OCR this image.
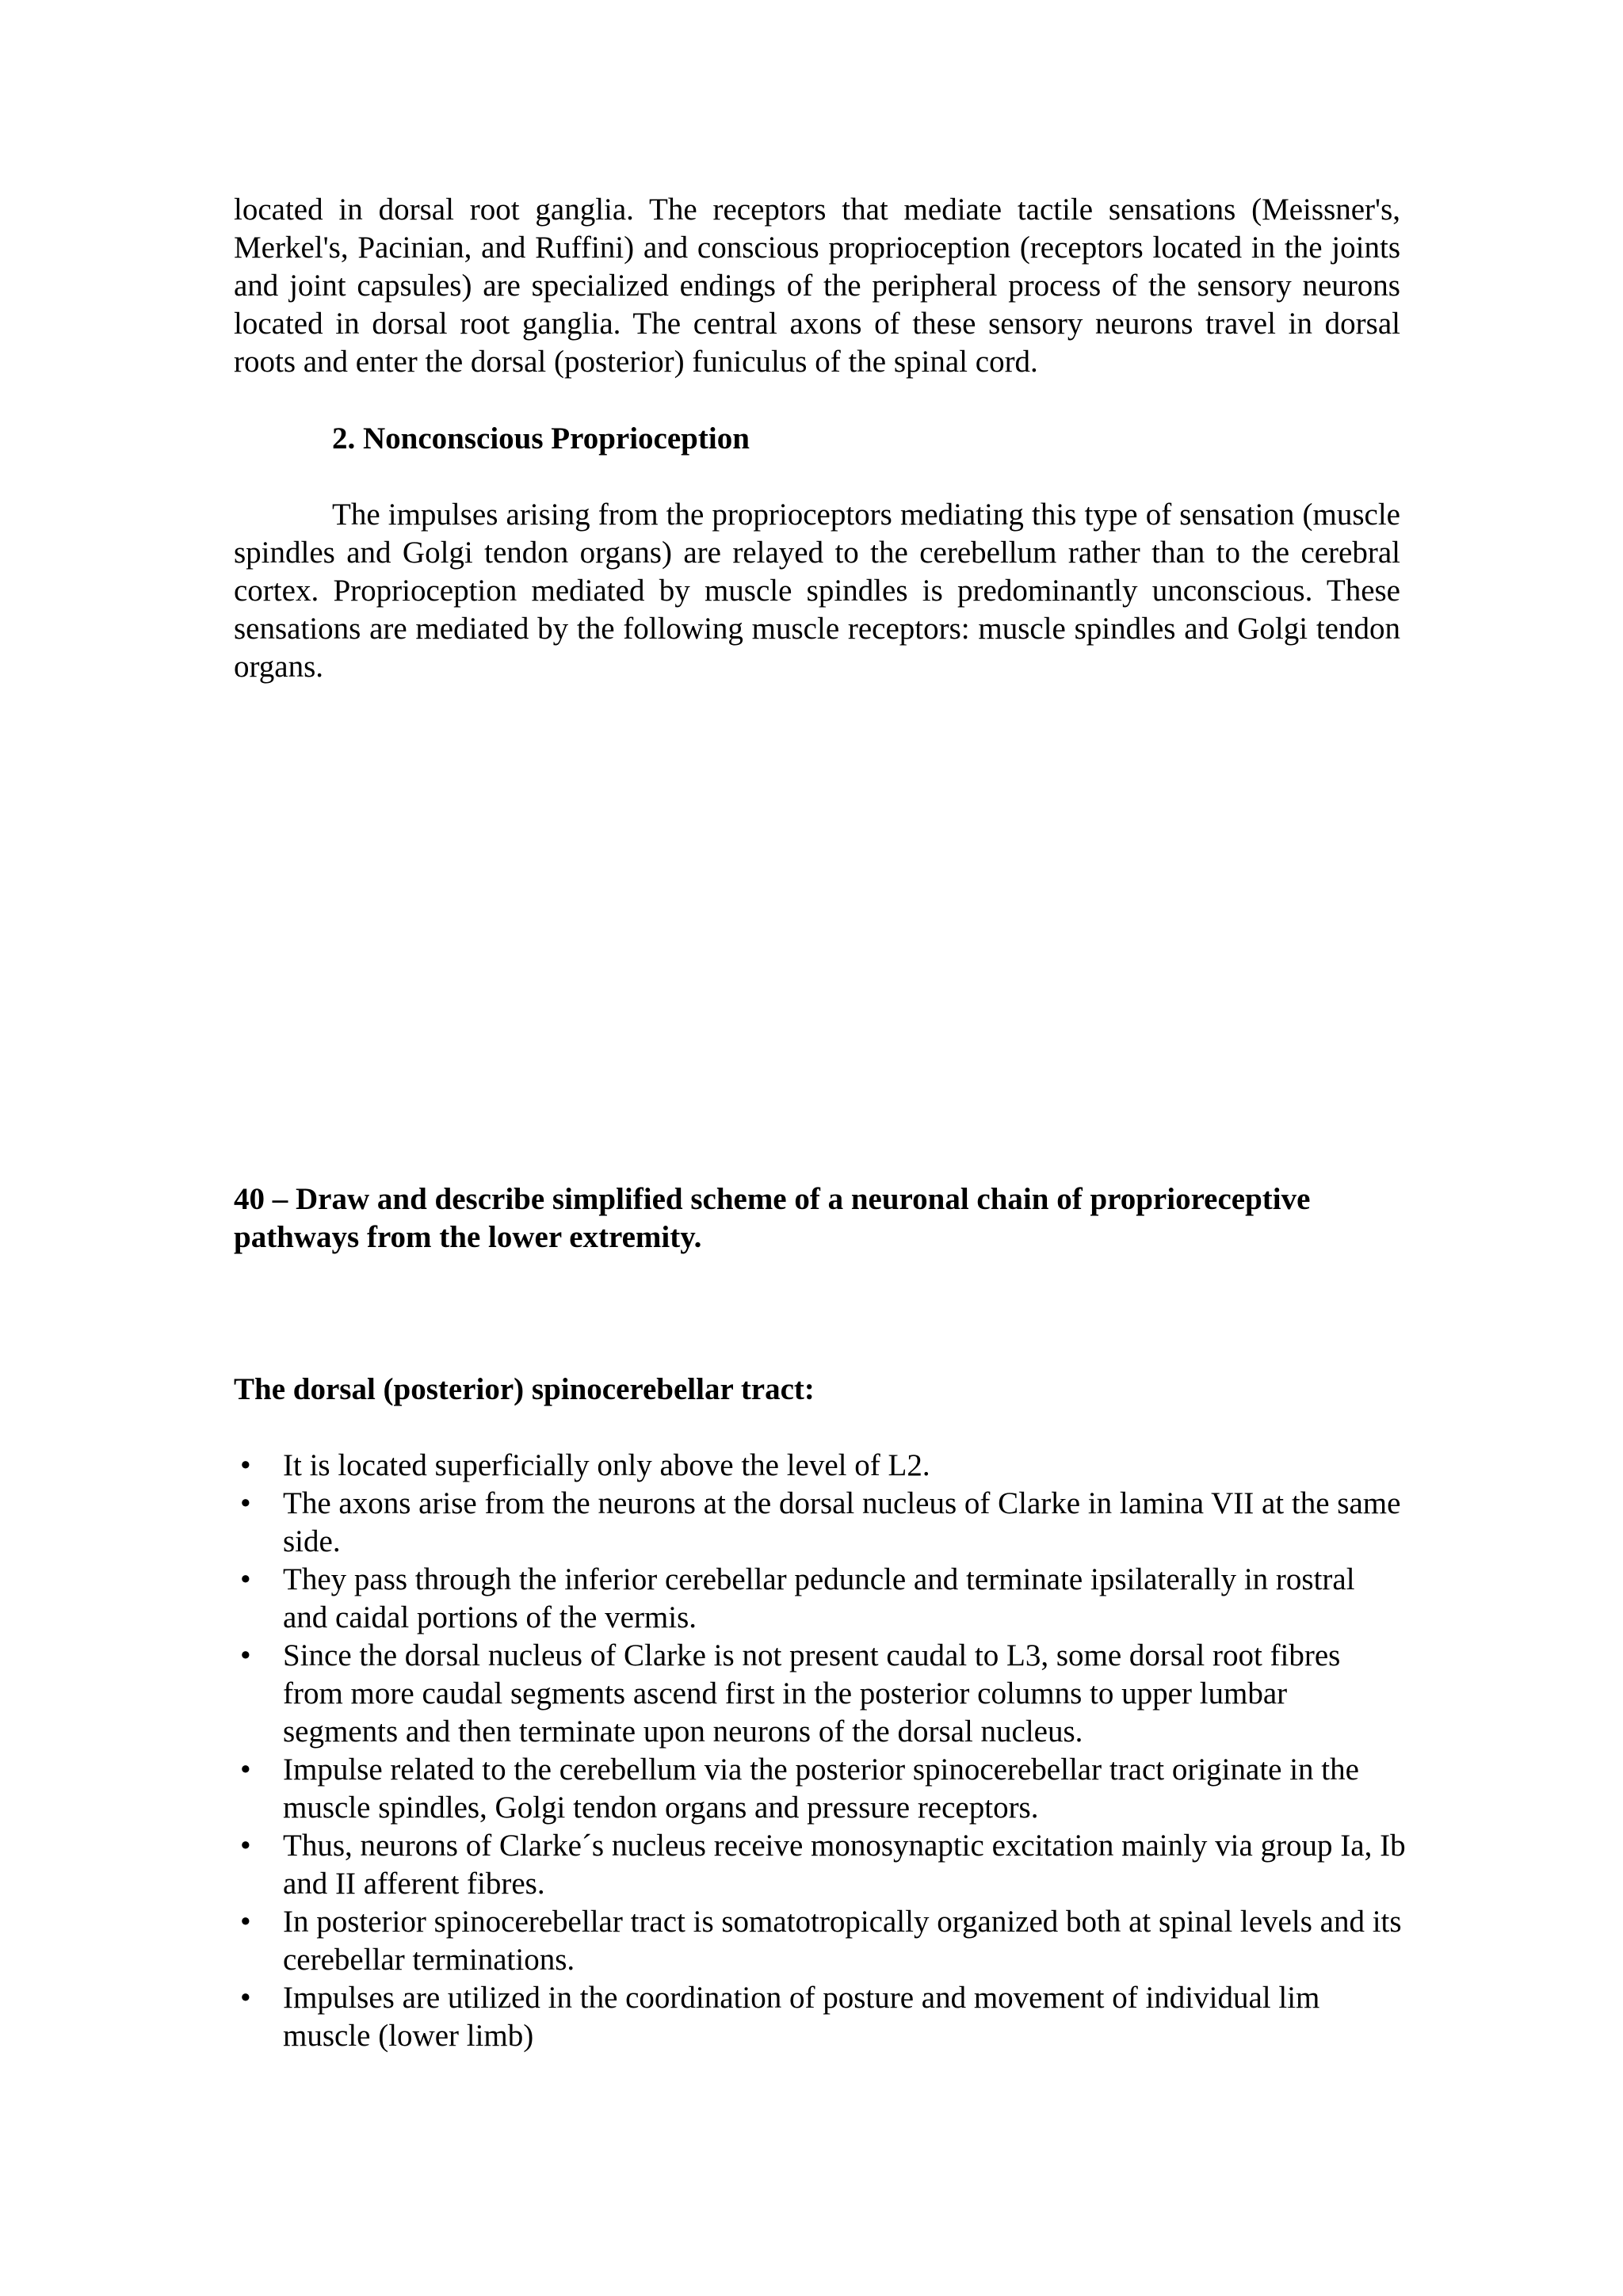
located in dorsal root ganglia. The receptors that mediate tactile sensations (Meissner's, Merkel's, Pacinian, and Ruffini) and conscious proprioception (receptors located in the joints and joint capsules) are specialized endings of the peripheral process of the sensory neurons located in dorsal root ganglia. The central axons of these sensory neurons travel in dorsal roots and enter the dorsal (posterior) funiculus of the spinal cord.

2. Nonconscious Proprioception

The impulses arising from the proprioceptors mediating this type of sensation (muscle spindles and Golgi tendon organs) are relayed to the cerebellum rather than to the cerebral cortex. Proprioception mediated by muscle spindles is predominantly unconscious. These sensations are mediated by the following muscle receptors: muscle spindles and Golgi tendon organs.

40 – Draw and describe simplified scheme of a neuronal chain of proprioreceptive pathways from the lower extremity.

The dorsal (posterior) spinocerebellar tract:

•	It is located superficially only above the level of L2.
•	The axons arise from the neurons at the dorsal nucleus of Clarke in lamina VII at the same side.
•	They pass through the inferior cerebellar peduncle and terminate ipsilaterally in rostral and caidal portions of the vermis.
•	Since the dorsal nucleus of Clarke is not present caudal to L3, some dorsal root fibres from more caudal segments ascend first in the posterior columns to upper lumbar segments and then terminate upon neurons of the dorsal nucleus.
•	Impulse related to the cerebellum via the posterior spinocerebellar tract originate in the muscle spindles, Golgi tendon organs and pressure receptors.
•	Thus, neurons of Clarke´s nucleus receive monosynaptic excitation mainly via group Ia, Ib and II afferent fibres.
•	In posterior spinocerebellar tract is somatotropically organized both at spinal levels and its cerebellar terminations.
•	Impulses are utilized in the coordination of posture and movement of individual lim muscle (lower limb)
